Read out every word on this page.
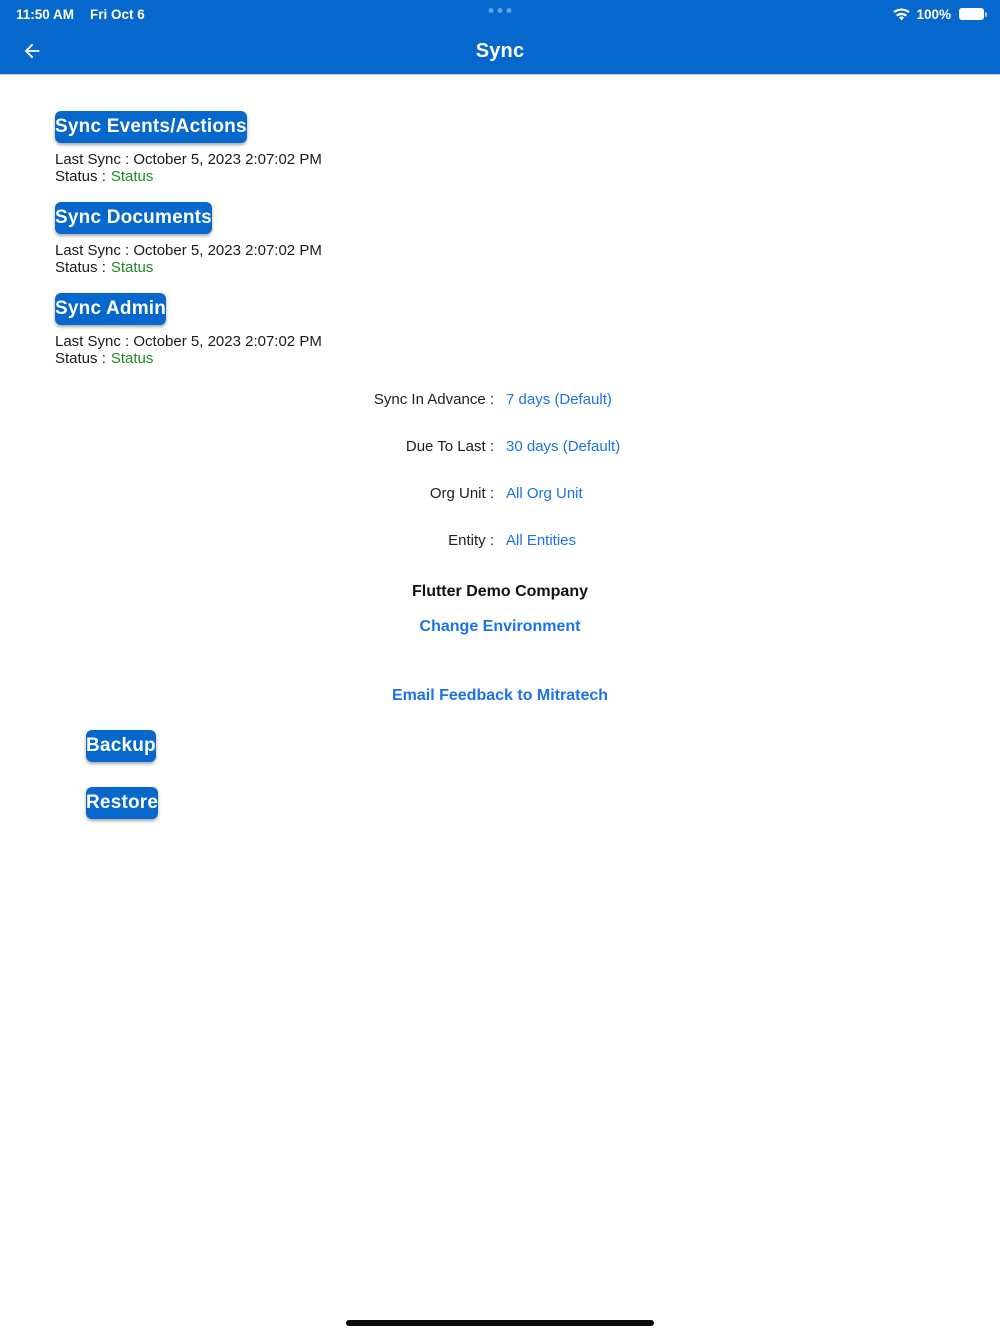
11:50 AM Fri Oct 6	100%
Sync
Sync Events/Actions
Last Sync : October 5, 2023 2:07:02 PM
Status : Status
Sync Documents
Last Sync : October 5, 2023 2:07:02 PM
Status : Status
Sync Admin
Last Sync : October 5, 2023 2:07:02 PM
Status : Status
Sync In Advance : 7 days (Default)
Due To Last : 30 days (Default)
Org Unit : All Org Unit
Entity : All Entities
Flutter Demo Company
Change Environment
Email Feedback to Mitratech
Backup
Restore
